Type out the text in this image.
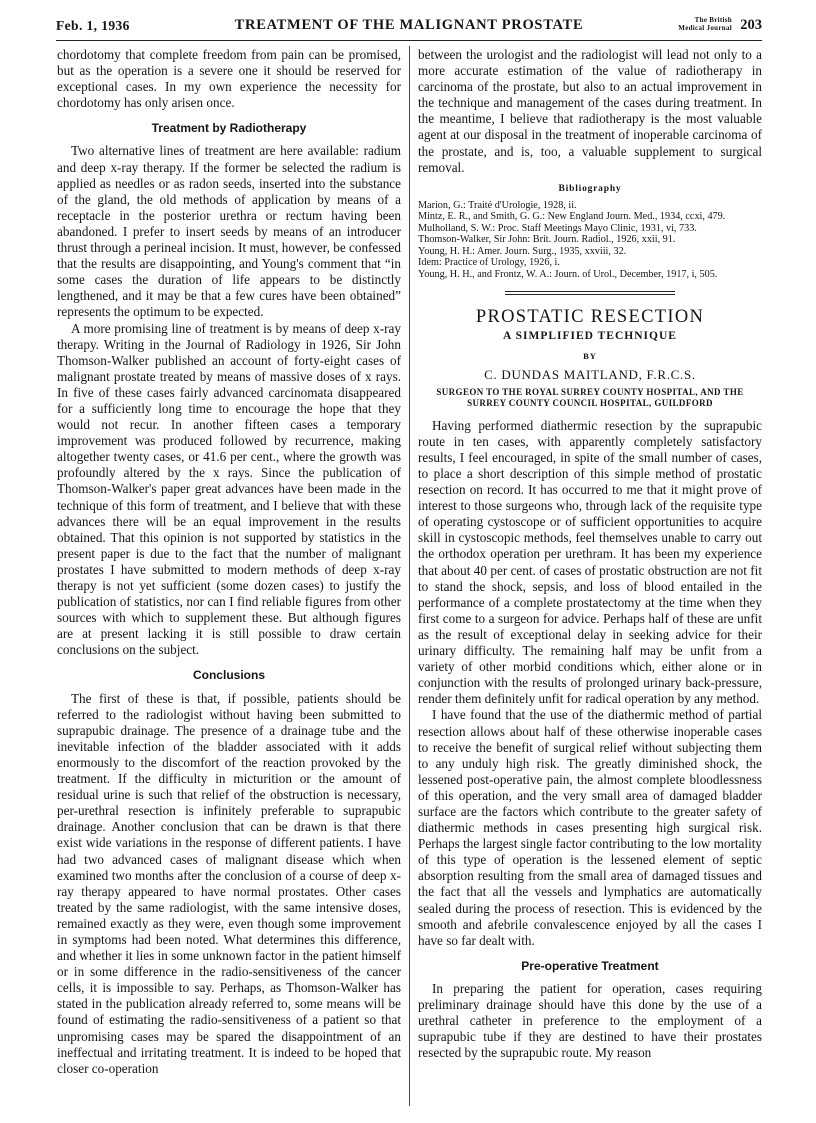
Feb. 1, 1936	TREATMENT OF THE MALIGNANT PROSTATE	The British Medical Journal 203

chordotomy that complete freedom from pain can be promised, but as the operation is a severe one it should be reserved for exceptional cases. In my own experience the necessity for chordotomy has only arisen once.

Treatment by Radiotherapy

Two alternative lines of treatment are here available: radium and deep x-ray therapy. If the former be selected the radium is applied as needles or as radon seeds, inserted into the substance of the gland, the old methods of application by means of a receptacle in the posterior urethra or rectum having been abandoned. I prefer to insert seeds by means of an introducer thrust through a perineal incision. It must, however, be confessed that the results are disappointing, and Young's comment that “in some cases the duration of life appears to be distinctly lengthened, and it may be that a few cures have been obtained” represents the optimum to be expected.

A more promising line of treatment is by means of deep x-ray therapy. Writing in the Journal of Radiology in 1926, Sir John Thomson-Walker published an account of forty-eight cases of malignant prostate treated by means of massive doses of x rays. In five of these cases fairly advanced carcinomata disappeared for a sufficiently long time to encourage the hope that they would not recur. In another fifteen cases a temporary improvement was produced followed by recurrence, making altogether twenty cases, or 41.6 per cent., where the growth was profoundly altered by the x rays. Since the publication of Thomson-Walker's paper great advances have been made in the technique of this form of treatment, and I believe that with these advances there will be an equal improvement in the results obtained. That this opinion is not supported by statistics in the present paper is due to the fact that the number of malignant prostates I have submitted to modern methods of deep x-ray therapy is not yet sufficient (some dozen cases) to justify the publication of statistics, nor can I find reliable figures from other sources with which to supplement these. But although figures are at present lacking it is still possible to draw certain conclusions on the subject.

Conclusions

The first of these is that, if possible, patients should be referred to the radiologist without having been submitted to suprapubic drainage. The presence of a drainage tube and the inevitable infection of the bladder associated with it adds enormously to the discomfort of the reaction provoked by the treatment. If the difficulty in micturition or the amount of residual urine is such that relief of the obstruction is necessary, per-urethral resection is infinitely preferable to suprapubic drainage. Another conclusion that can be drawn is that there exist wide variations in the response of different patients. I have had two advanced cases of malignant disease which when examined two months after the conclusion of a course of deep x-ray therapy appeared to have normal prostates. Other cases treated by the same radiologist, with the same intensive doses, remained exactly as they were, even though some improvement in symptoms had been noted. What determines this difference, and whether it lies in some unknown factor in the patient himself or in some difference in the radio-sensitiveness of the cancer cells, it is impossible to say. Perhaps, as Thomson-Walker has stated in the publication already referred to, some means will be found of estimating the radio-sensitiveness of a patient so that unpromising cases may be spared the disappointment of an ineffectual and irritating treatment. It is indeed to be hoped that closer co-operation

between the urologist and the radiologist will lead not only to a more accurate estimation of the value of radiotherapy in carcinoma of the prostate, but also to an actual improvement in the technique and management of the cases during treatment. In the meantime, I believe that radiotherapy is the most valuable agent at our disposal in the treatment of inoperable carcinoma of the prostate, and is, too, a valuable supplement to surgical removal.

Bibliography
Marion, G.: Traité d'Urologie, 1928, ii.
Mintz, E. R., and Smith, G. G.: New England Journ. Med., 1934, ccxi, 479.
Mulholland, S. W.: Proc. Staff Meetings Mayo Clinic, 1931, vi, 733.
Thomson-Walker, Sir John: Brit. Journ. Radiol., 1926, xxii, 91.
Young, H. H.: Amer. Journ. Surg., 1935, xxviii, 32.
Idem: Practice of Urology, 1926, i.
Young, H. H., and Frontz, W. A.: Journ. of Urol., December, 1917, i, 505.
PROSTATIC RESECTION
A SIMPLIFIED TECHNIQUE
BY
C. DUNDAS MAITLAND, F.R.C.S.
SURGEON TO THE ROYAL SURREY COUNTY HOSPITAL, AND THE SURREY COUNTY COUNCIL HOSPITAL, GUILDFORD

Having performed diathermic resection by the suprapubic route in ten cases, with apparently completely satisfactory results, I feel encouraged, in spite of the small number of cases, to place a short description of this simple method of prostatic resection on record. It has occurred to me that it might prove of interest to those surgeons who, through lack of the requisite type of operating cystoscope or of sufficient opportunities to acquire skill in cystoscopic methods, feel themselves unable to carry out the orthodox operation per urethram. It has been my experience that about 40 per cent. of cases of prostatic obstruction are not fit to stand the shock, sepsis, and loss of blood entailed in the performance of a complete prostatectomy at the time when they first come to a surgeon for advice. Perhaps half of these are unfit as the result of exceptional delay in seeking advice for their urinary difficulty. The remaining half may be unfit from a variety of other morbid conditions which, either alone or in conjunction with the results of prolonged urinary back-pressure, render them definitely unfit for radical operation by any method.

I have found that the use of the diathermic method of partial resection allows about half of these otherwise inoperable cases to receive the benefit of surgical relief without subjecting them to any unduly high risk. The greatly diminished shock, the lessened post-operative pain, the almost complete bloodlessness of this operation, and the very small area of damaged bladder surface are the factors which contribute to the greater safety of diathermic methods in cases presenting high surgical risk. Perhaps the largest single factor contributing to the low mortality of this type of operation is the lessened element of septic absorption resulting from the small area of damaged tissues and the fact that all the vessels and lymphatics are automatically sealed during the process of resection. This is evidenced by the smooth and afebrile convalescence enjoyed by all the cases I have so far dealt with.

Pre-operative Treatment

In preparing the patient for operation, cases requiring preliminary drainage should have this done by the use of a urethral catheter in preference to the employment of a suprapubic tube if they are destined to have their prostates resected by the suprapubic route. My reason
